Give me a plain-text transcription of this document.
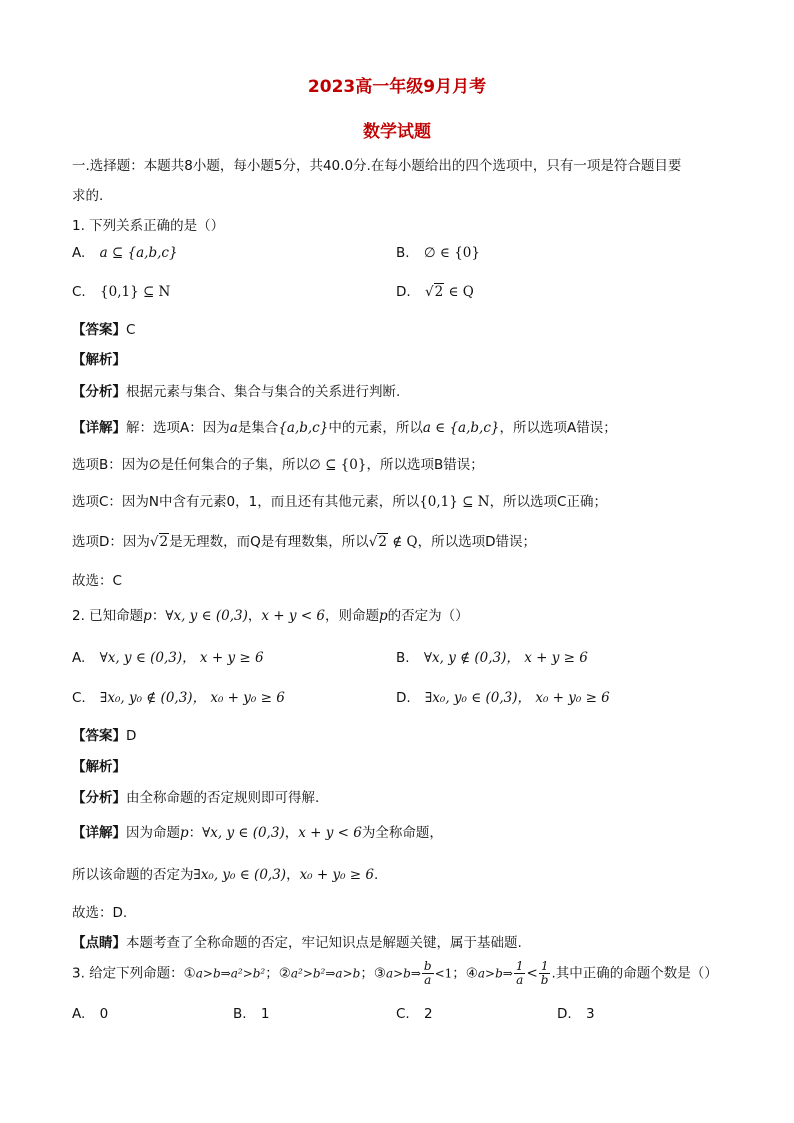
2023高一年级9月月考
数学试题
一.选择题：本题共8小题，每小题5分，共40.0分.在每小题给出的四个选项中，只有一项是符合题目要
求的.
1. 下列关系正确的是（）
A. a ⊆ {a,b,c}	B. ∅ ∈ {0}
C. {0,1} ⊆ N	D. √2 ∈ Q
【答案】C
【解析】
【分析】根据元素与集合、集合与集合的关系进行判断.
【详解】解：选项A：因为a是集合{a,b,c}中的元素，所以a ∈ {a,b,c}，所以选项A错误；
选项B：因为∅是任何集合的子集，所以∅ ⊆ {0}，所以选项B错误；
选项C：因为N中含有元素0，1，而且还有其他元素，所以{0,1} ⊆ N，所以选项C正确；
选项D：因为√2是无理数，而Q是有理数集，所以√2 ∉ Q，所以选项D错误；
故选：C
2. 已知命题p：∀x, y ∈ (0,3)，x + y < 6，则命题p的否定为（）
A. ∀x, y ∈ (0,3)， x + y ≥ 6	B. ∀x, y ∉ (0,3)， x + y ≥ 6
C. ∃x₀, y₀ ∉ (0,3)， x₀ + y₀ ≥ 6	D. ∃x₀, y₀ ∈ (0,3)， x₀ + y₀ ≥ 6
【答案】D
【解析】
【分析】由全称命题的否定规则即可得解.
【详解】因为命题p：∀x, y ∈ (0,3)，x + y < 6为全称命题，
所以该命题的否定为∃x₀, y₀ ∈ (0,3)，x₀ + y₀ ≥ 6.
故选：D.
【点睛】本题考查了全称命题的否定，牢记知识点是解题关键，属于基础题.
3. 给定下列命题：①a>b⇒a²>b²；②a²>b²⇒a>b；③a>b⇒ $\frac{b}{a} <1$；④a>b⇒ $\frac{1}{a} < \frac{1}{b}$ .其中正确的命题个数是（）
A. 0	B. 1	C. 2	D. 3
